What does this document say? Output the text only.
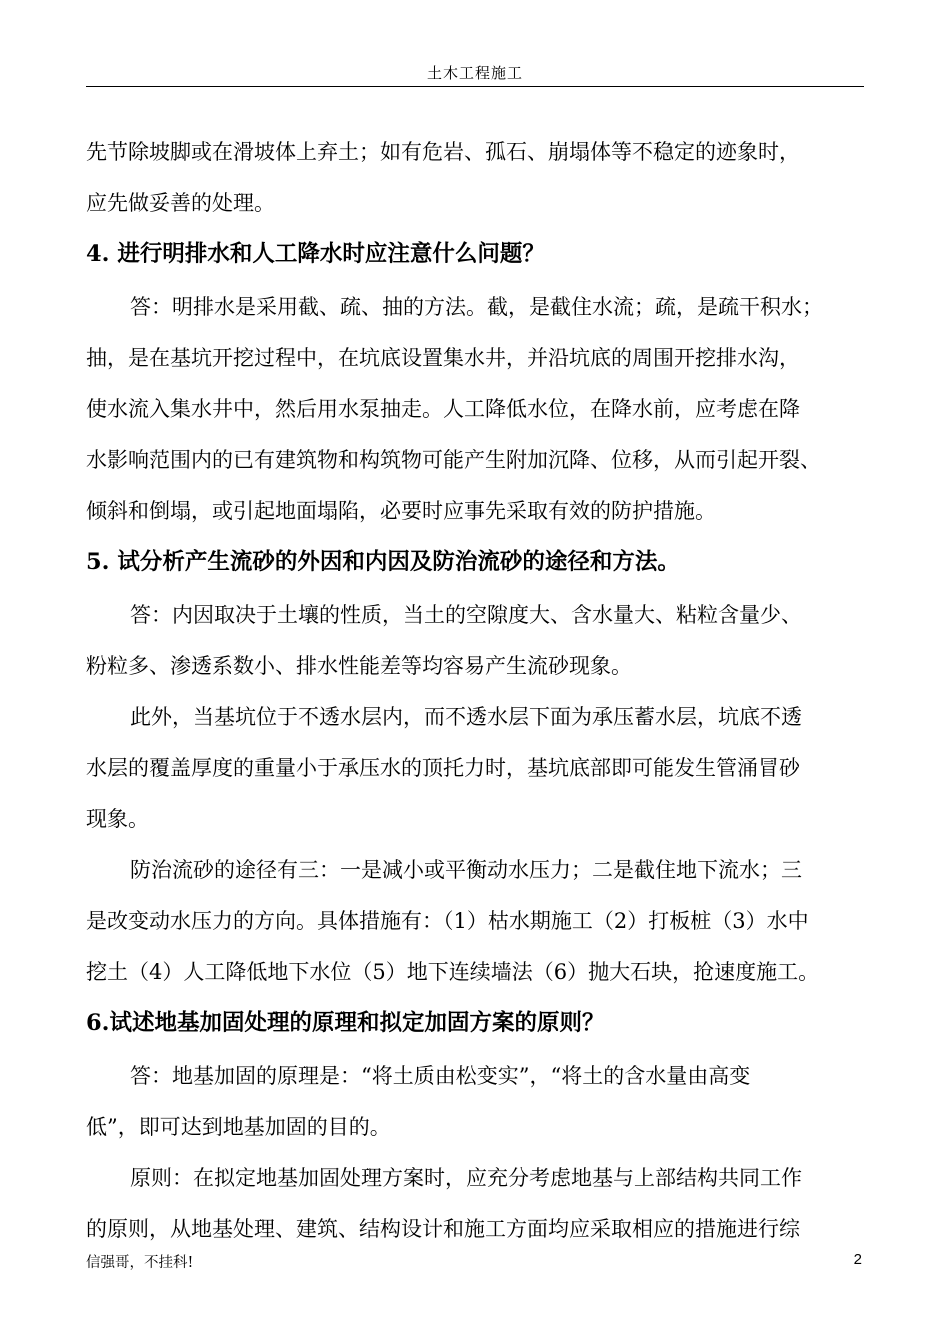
土木工程施工
先节除坡脚或在滑坡体上弃土；如有危岩、孤石、崩塌体等不稳定的迹象时，
应先做妥善的处理。
4. 进行明排水和人工降水时应注意什么问题？
答：明排水是采用截、疏、抽的方法。截，是截住水流；疏，是疏干积水；
抽，是在基坑开挖过程中，在坑底设置集水井，并沿坑底的周围开挖排水沟，
使水流入集水井中，然后用水泵抽走。人工降低水位，在降水前，应考虑在降
水影响范围内的已有建筑物和构筑物可能产生附加沉降、位移，从而引起开裂、
倾斜和倒塌，或引起地面塌陷，必要时应事先采取有效的防护措施。
5. 试分析产生流砂的外因和内因及防治流砂的途径和方法。
答：内因取决于土壤的性质，当土的空隙度大、含水量大、粘粒含量少、
粉粒多、渗透系数小、排水性能差等均容易产生流砂现象。
此外，当基坑位于不透水层内，而不透水层下面为承压蓄水层，坑底不透
水层的覆盖厚度的重量小于承压水的顶托力时，基坑底部即可能发生管涌冒砂
现象。
防治流砂的途径有三：一是减小或平衡动水压力；二是截住地下流水；三
是改变动水压力的方向。具体措施有：（1）枯水期施工（2）打板桩（3）水中
挖土（4）人工降低地下水位（5）地下连续墙法（6）抛大石块，抢速度施工。
6.试述地基加固处理的原理和拟定加固方案的原则？
答：地基加固的原理是：“将土质由松变实”，“将土的含水量由高变
低”，即可达到地基加固的目的。
原则：在拟定地基加固处理方案时，应充分考虑地基与上部结构共同工作
的原则，从地基处理、建筑、结构设计和施工方面均应采取相应的措施进行综
信强哥，不挂科!	2
